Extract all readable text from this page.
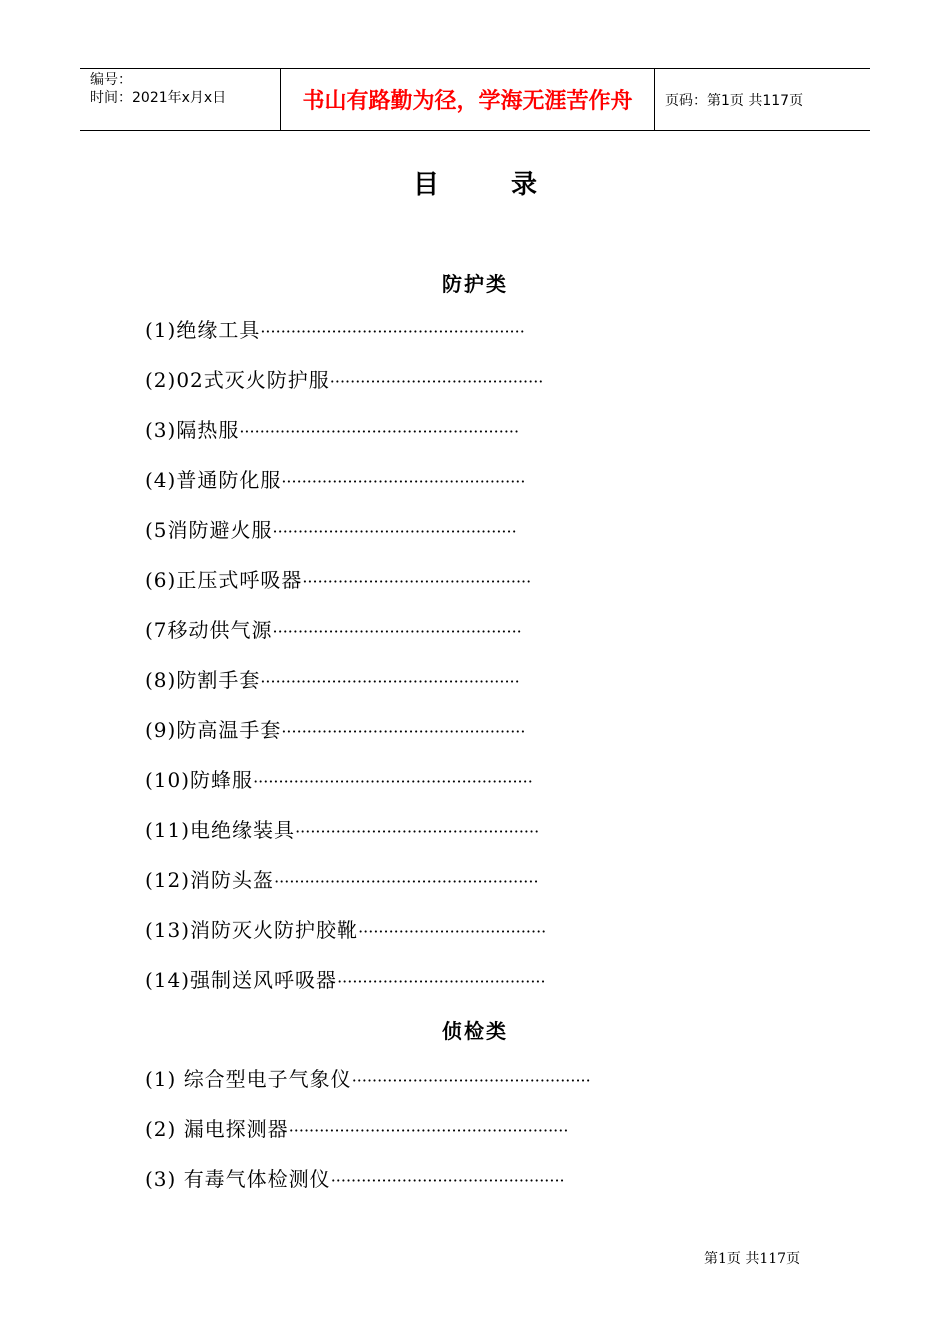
编号：
时间：2021年x月x日	书山有路勤为径，学海无涯苦作舟	页码：第1页 共117页
目录
防护类
(1)绝缘工具····················································
(2)02式灭火防护服··········································
(3)隔热服·······················································
(4)普通防化服················································
(5消防避火服················································
(6)正压式呼吸器·············································
(7移动供气源·················································
(8)防割手套···················································
(9)防高温手套················································
(10)防蜂服·······················································
(11)电绝缘装具················································
(12)消防头盔····················································
(13)消防灭火防护胶靴·····································
(14)强制送风呼吸器·········································
侦检类
(1) 综合型电子气象仪···············································
(2) 漏电探测器·······················································
(3) 有毒气体检测仪··············································
第1页 共117页
